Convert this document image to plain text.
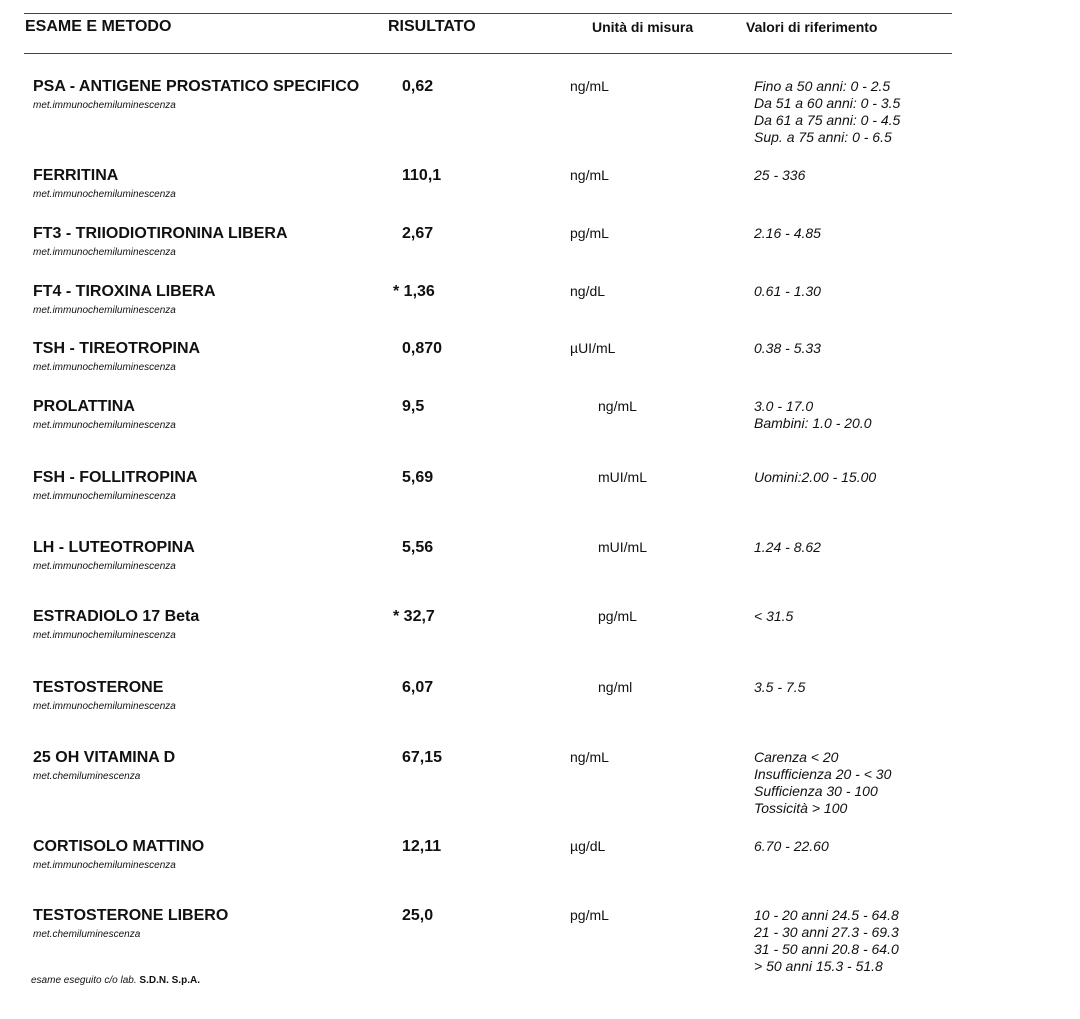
ESAME E METODO	RISULTATO	Unità di misura	Valori di riferimento
PSA - ANTIGENE PROSTATICO SPECIFICO
met.immunochemiluminescenza
0,62	ng/mL	Fino a 50 anni: 0 - 2.5
Da 51 a 60 anni: 0 - 3.5
Da 61 a 75 anni: 0 - 4.5
Sup. a 75 anni: 0 - 6.5
FERRITINA
met.immunochemiluminescenza
110,1	ng/mL	25 - 336
FT3 - TRIIODIOTIRONINA LIBERA
met.immunochemiluminescenza
2,67	pg/mL	2.16 - 4.85
FT4 - TIROXINA LIBERA
met.immunochemiluminescenza
* 1,36	ng/dL	0.61 - 1.30
TSH - TIREOTROPINA
met.immunochemiluminescenza
0,870	µUI/mL	0.38 - 5.33
PROLATTINA
met.immunochemiluminescenza
9,5	ng/mL	3.0 - 17.0
Bambini: 1.0 - 20.0
FSH - FOLLITROPINA
met.immunochemiluminescenza
5,69	mUI/mL	Uomini:2.00 - 15.00
LH - LUTEOTROPINA
met.immunochemiluminescenza
5,56	mUI/mL	1.24 - 8.62
ESTRADIOLO 17 Beta
met.immunochemiluminescenza
* 32,7	pg/mL	< 31.5
TESTOSTERONE
met.immunochemiluminescenza
6,07	ng/ml	3.5 - 7.5
25 OH VITAMINA D
met.chemiluminescenza
67,15	ng/mL	Carenza < 20
Insufficienza 20 - < 30
Sufficienza 30 - 100
Tossicità > 100
CORTISOLO MATTINO
met.immunochemiluminescenza
12,11	µg/dL	6.70 - 22.60
TESTOSTERONE LIBERO
met.chemiluminescenza
25,0	pg/mL	10 - 20 anni 24.5 - 64.8
21 - 30 anni 27.3 - 69.3
31 - 50 anni 20.8 - 64.0
> 50 anni 15.3 - 51.8
esame eseguito c/o lab. S.D.N. S.p.A.
